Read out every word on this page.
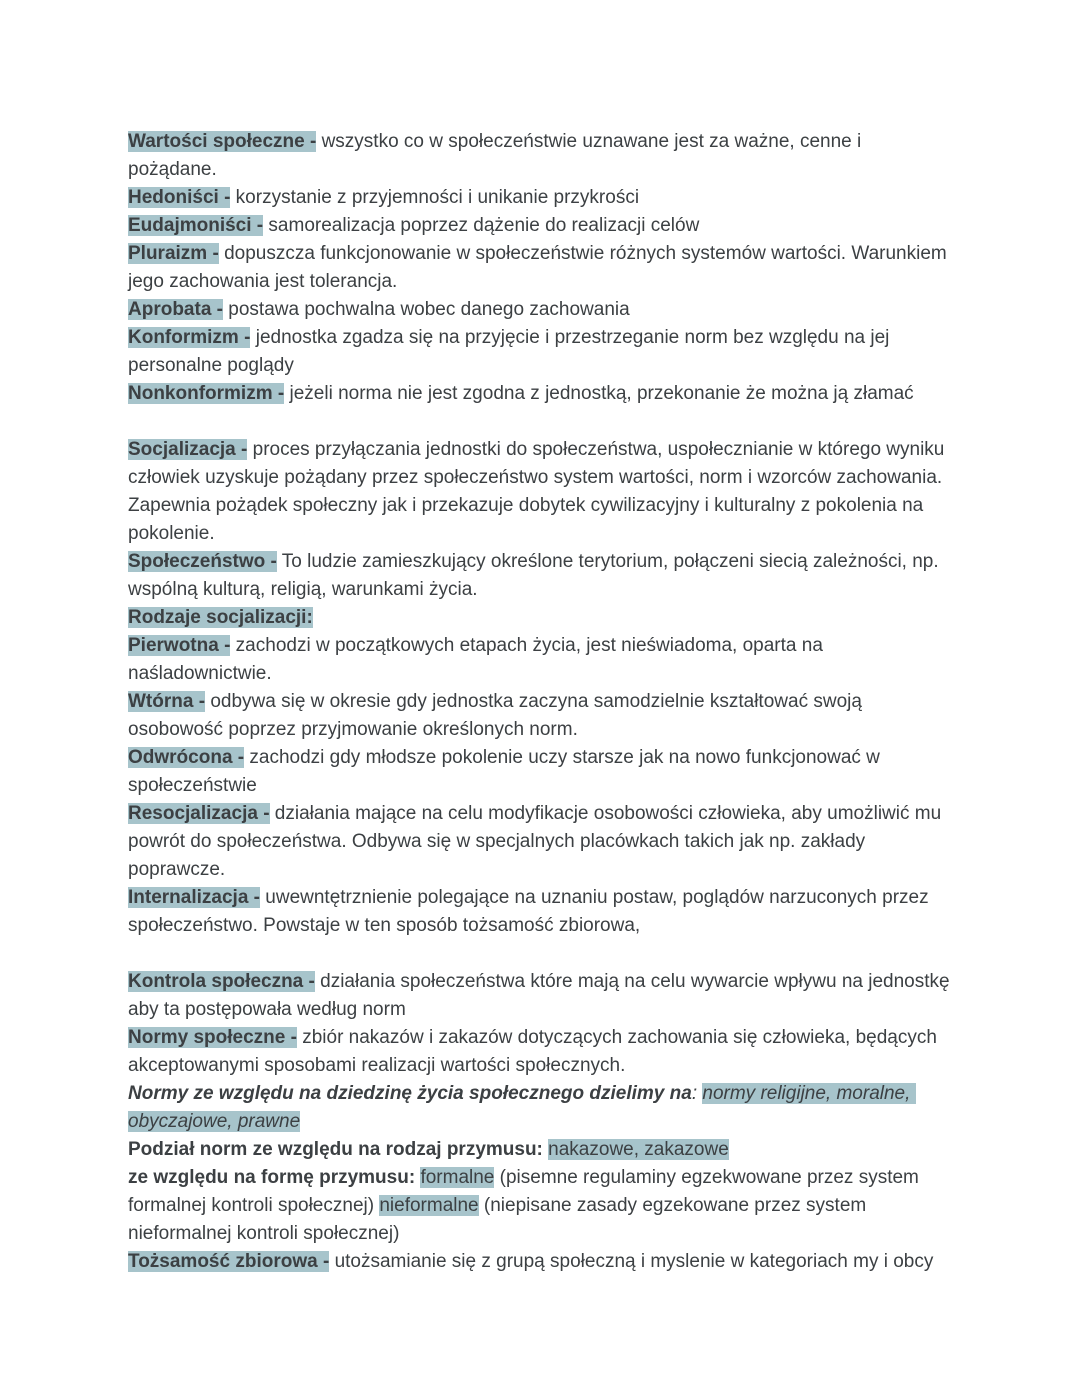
Wartości społeczne - wszystko co w społeczeństwie uznawane jest za ważne, cenne i pożądane.

Hedoniści - korzystanie z przyjemności i unikanie przykrości

Eudajmoniści - samorealizacja poprzez dążenie do realizacji celów

Pluraizm - dopuszcza funkcjonowanie w społeczeństwie różnych systemów wartości. Warunkiem jego zachowania jest tolerancja.

Aprobata - postawa pochwalna wobec danego zachowania

Konformizm - jednostka zgadza się na przyjęcie i przestrzeganie norm bez względu na jej personalne poglądy

Nonkonformizm - jeżeli norma nie jest zgodna z jednostką, przekonanie że można ją złamać

Socjalizacja - proces przyłączania jednostki do społeczeństwa, uspołecznianie w którego wyniku człowiek uzyskuje pożądany przez społeczeństwo system wartości, norm i wzorców zachowania. Zapewnia pożądek społeczny jak i przekazuje dobytek cywilizacyjny i kulturalny z pokolenia na pokolenie.

Społeczeństwo - To ludzie zamieszkujący określone terytorium, połączeni siecią zależności, np. wspólną kulturą, religią, warunkami życia.

Rodzaje socjalizacji:

Pierwotna - zachodzi w początkowych etapach życia, jest nieświadoma, oparta na naśladownictwie.

Wtórna - odbywa się w okresie gdy jednostka zaczyna samodzielnie kształtować swoją osobowość poprzez przyjmowanie określonych norm.

Odwrócona - zachodzi gdy młodsze pokolenie uczy starsze jak na nowo funkcjonować w społeczeństwie

Resocjalizacja - działania mające na celu modyfikacje osobowości człowieka, aby umożliwić mu powrót do społeczeństwa. Odbywa się w specjalnych placówkach takich jak np. zakłady poprawcze.

Internalizacja - uwewntętrznienie polegające na uznaniu postaw, poglądów narzuconych przez społeczeństwo. Powstaje w ten sposób tożsamość zbiorowa,

Kontrola społeczna - działania społeczeństwa które mają na celu wywarcie wpływu na jednostkę aby ta postępowała według norm

Normy społeczne - zbiór nakazów i zakazów dotyczących zachowania się człowieka, będących akceptowanymi sposobami realizacji wartości społecznych.

Normy ze względu na dziedzinę życia społecznego dzielimy na: normy religijne, moralne, obyczajowe, prawne

Podział norm ze względu na rodzaj przymusu: nakazowe, zakazowe

ze względu na formę przymusu: formalne (pisemne regulaminy egzekwowane przez system formalnej kontroli społecznej) nieformalne (niepisane zasady egzekowane przez system nieformalnej kontroli społecznej)

Tożsamość zbiorowa - utożsamianie się z grupą społeczną i myslenie w kategoriach my i obcy
